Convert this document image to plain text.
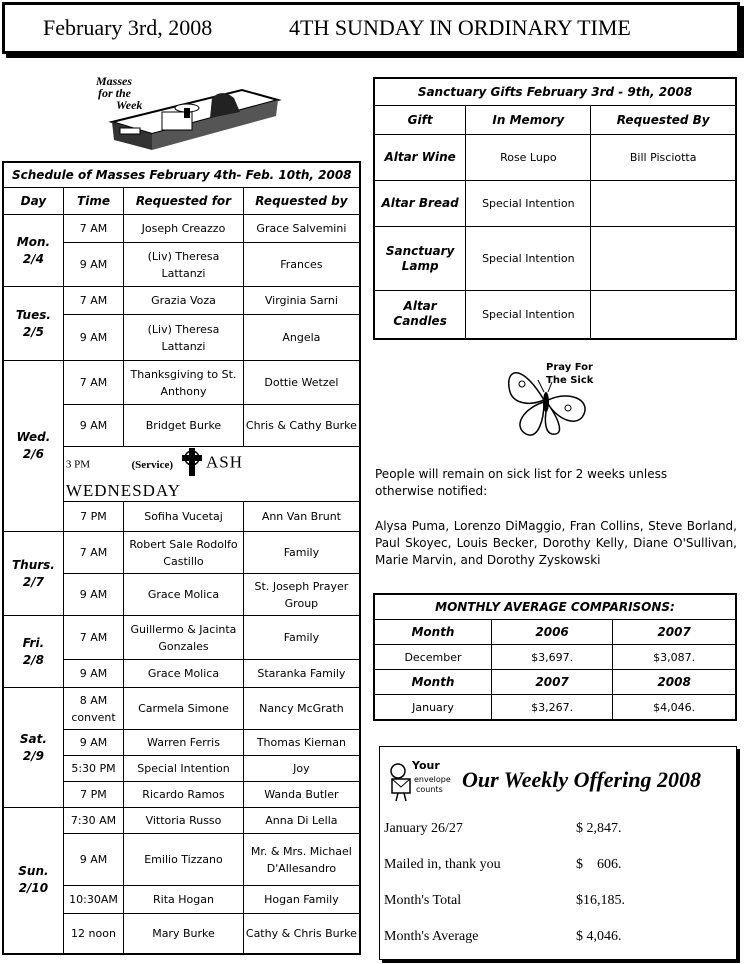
February 3rd, 2008	4TH SUNDAY IN ORDINARY TIME
Masses
for the
Week
Schedule of Masses February 4th- Feb. 10th, 2008			
Day	Time	Requested for	Requested by
Mon.
2/4	7 AM	Joseph Creazzo	Grace Salvemini
	9 AM	(Liv) Theresa Lattanzi	Frances
Tues.
2/5	7 AM	Grazia Voza	Virginia Sarni
	9 AM	(Liv) Theresa Lattanzi	Angela
Wed.
2/6	7 AM	Thanksgiving to St. Anthony	Dottie Wetzel
	9 AM	Bridget Burke	Chris & Cathy Burke
	3 PM (Service) ASH WEDNESDAY		
	7 PM	Sofiha Vucetaj	Ann Van Brunt
Thurs.
2/7	7 AM	Robert Sale Rodolfo Castillo	Family
	9 AM	Grace Molica	St. Joseph Prayer Group
Fri.
2/8	7 AM	Guillermo & Jacinta Gonzales	Family
	9 AM	Grace Molica	Staranka Family
Sat.
2/9	8 AM convent	Carmela Simone	Nancy McGrath
	9 AM	Warren Ferris	Thomas Kiernan
	5:30 PM	Special Intention	Joy
	7 PM	Ricardo Ramos	Wanda Butler
Sun.
2/10	7:30 AM	Vittoria Russo	Anna Di Lella
	9 AM	Emilio Tizzano	Mr. & Mrs. Michael D'Allesandro
	10:30AM	Rita Hogan	Hogan Family
	12 noon	Mary Burke	Cathy & Chris Burke
Sanctuary Gifts February 3rd - 9th, 2008		
Gift	In Memory	Requested By
Altar Wine	Rose Lupo	Bill Pisciotta
Altar Bread	Special Intention	
Sanctuary Lamp	Special Intention	
Altar Candles	Special Intention	
Pray For
The Sick
People will remain on sick list for 2 weeks unless otherwise notified:
Alysa Puma, Lorenzo DiMaggio, Fran Collins, Steve Borland, Paul Skoyec, Louis Becker, Dorothy Kelly, Diane O'Sullivan, Marie Marvin, and Dorothy Zyskowski
MONTHLY AVERAGE COMPARISONS:		
Month	2006	2007
December	$3,697.	$3,087.
Month	2007	2008
January	$3,267.	$4,046.
Your
envelope
counts Our Weekly Offering 2008
January 26/27	$ 2,847.
Mailed in, thank you	$    606.
Month's Total	$16,185.
Month's Average	$ 4,046.
